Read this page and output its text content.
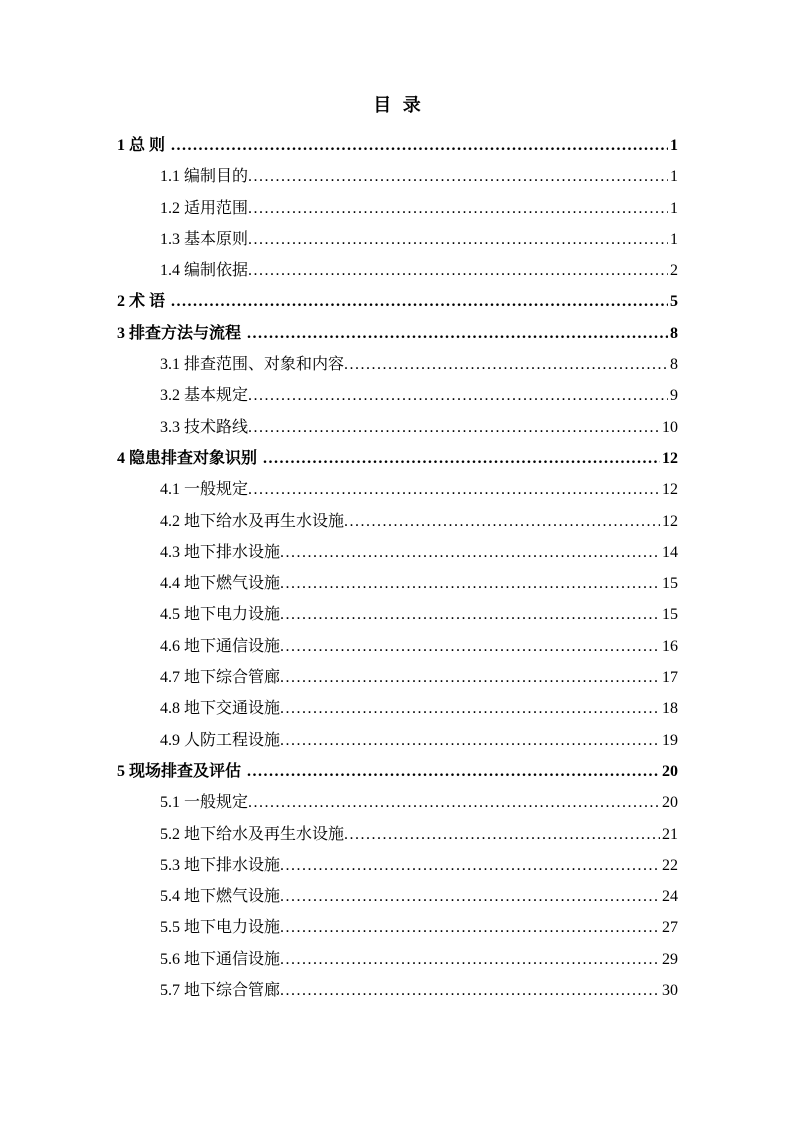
目 录
1 总 则 .....	1
1.1 编制目的 .....	1
1.2 适用范围 .....	1
1.3 基本原则 .....	1
1.4 编制依据 .....	2
2 术 语 .....	5
3 排查方法与流程 .....	8
3.1 排查范围、对象和内容 .....	8
3.2 基本规定 .....	9
3.3 技术路线 .....	10
4 隐患排查对象识别 .....	12
4.1 一般规定 .....	12
4.2 地下给水及再生水设施 .....	12
4.3 地下排水设施 .....	14
4.4 地下燃气设施 .....	15
4.5 地下电力设施 .....	15
4.6 地下通信设施 .....	16
4.7 地下综合管廊 .....	17
4.8 地下交通设施 .....	18
4.9 人防工程设施 .....	19
5 现场排查及评估 .....	20
5.1 一般规定 .....	20
5.2 地下给水及再生水设施 .....	21
5.3 地下排水设施 .....	22
5.4 地下燃气设施 .....	24
5.5 地下电力设施 .....	27
5.6 地下通信设施 .....	29
5.7 地下综合管廊 .....	30
